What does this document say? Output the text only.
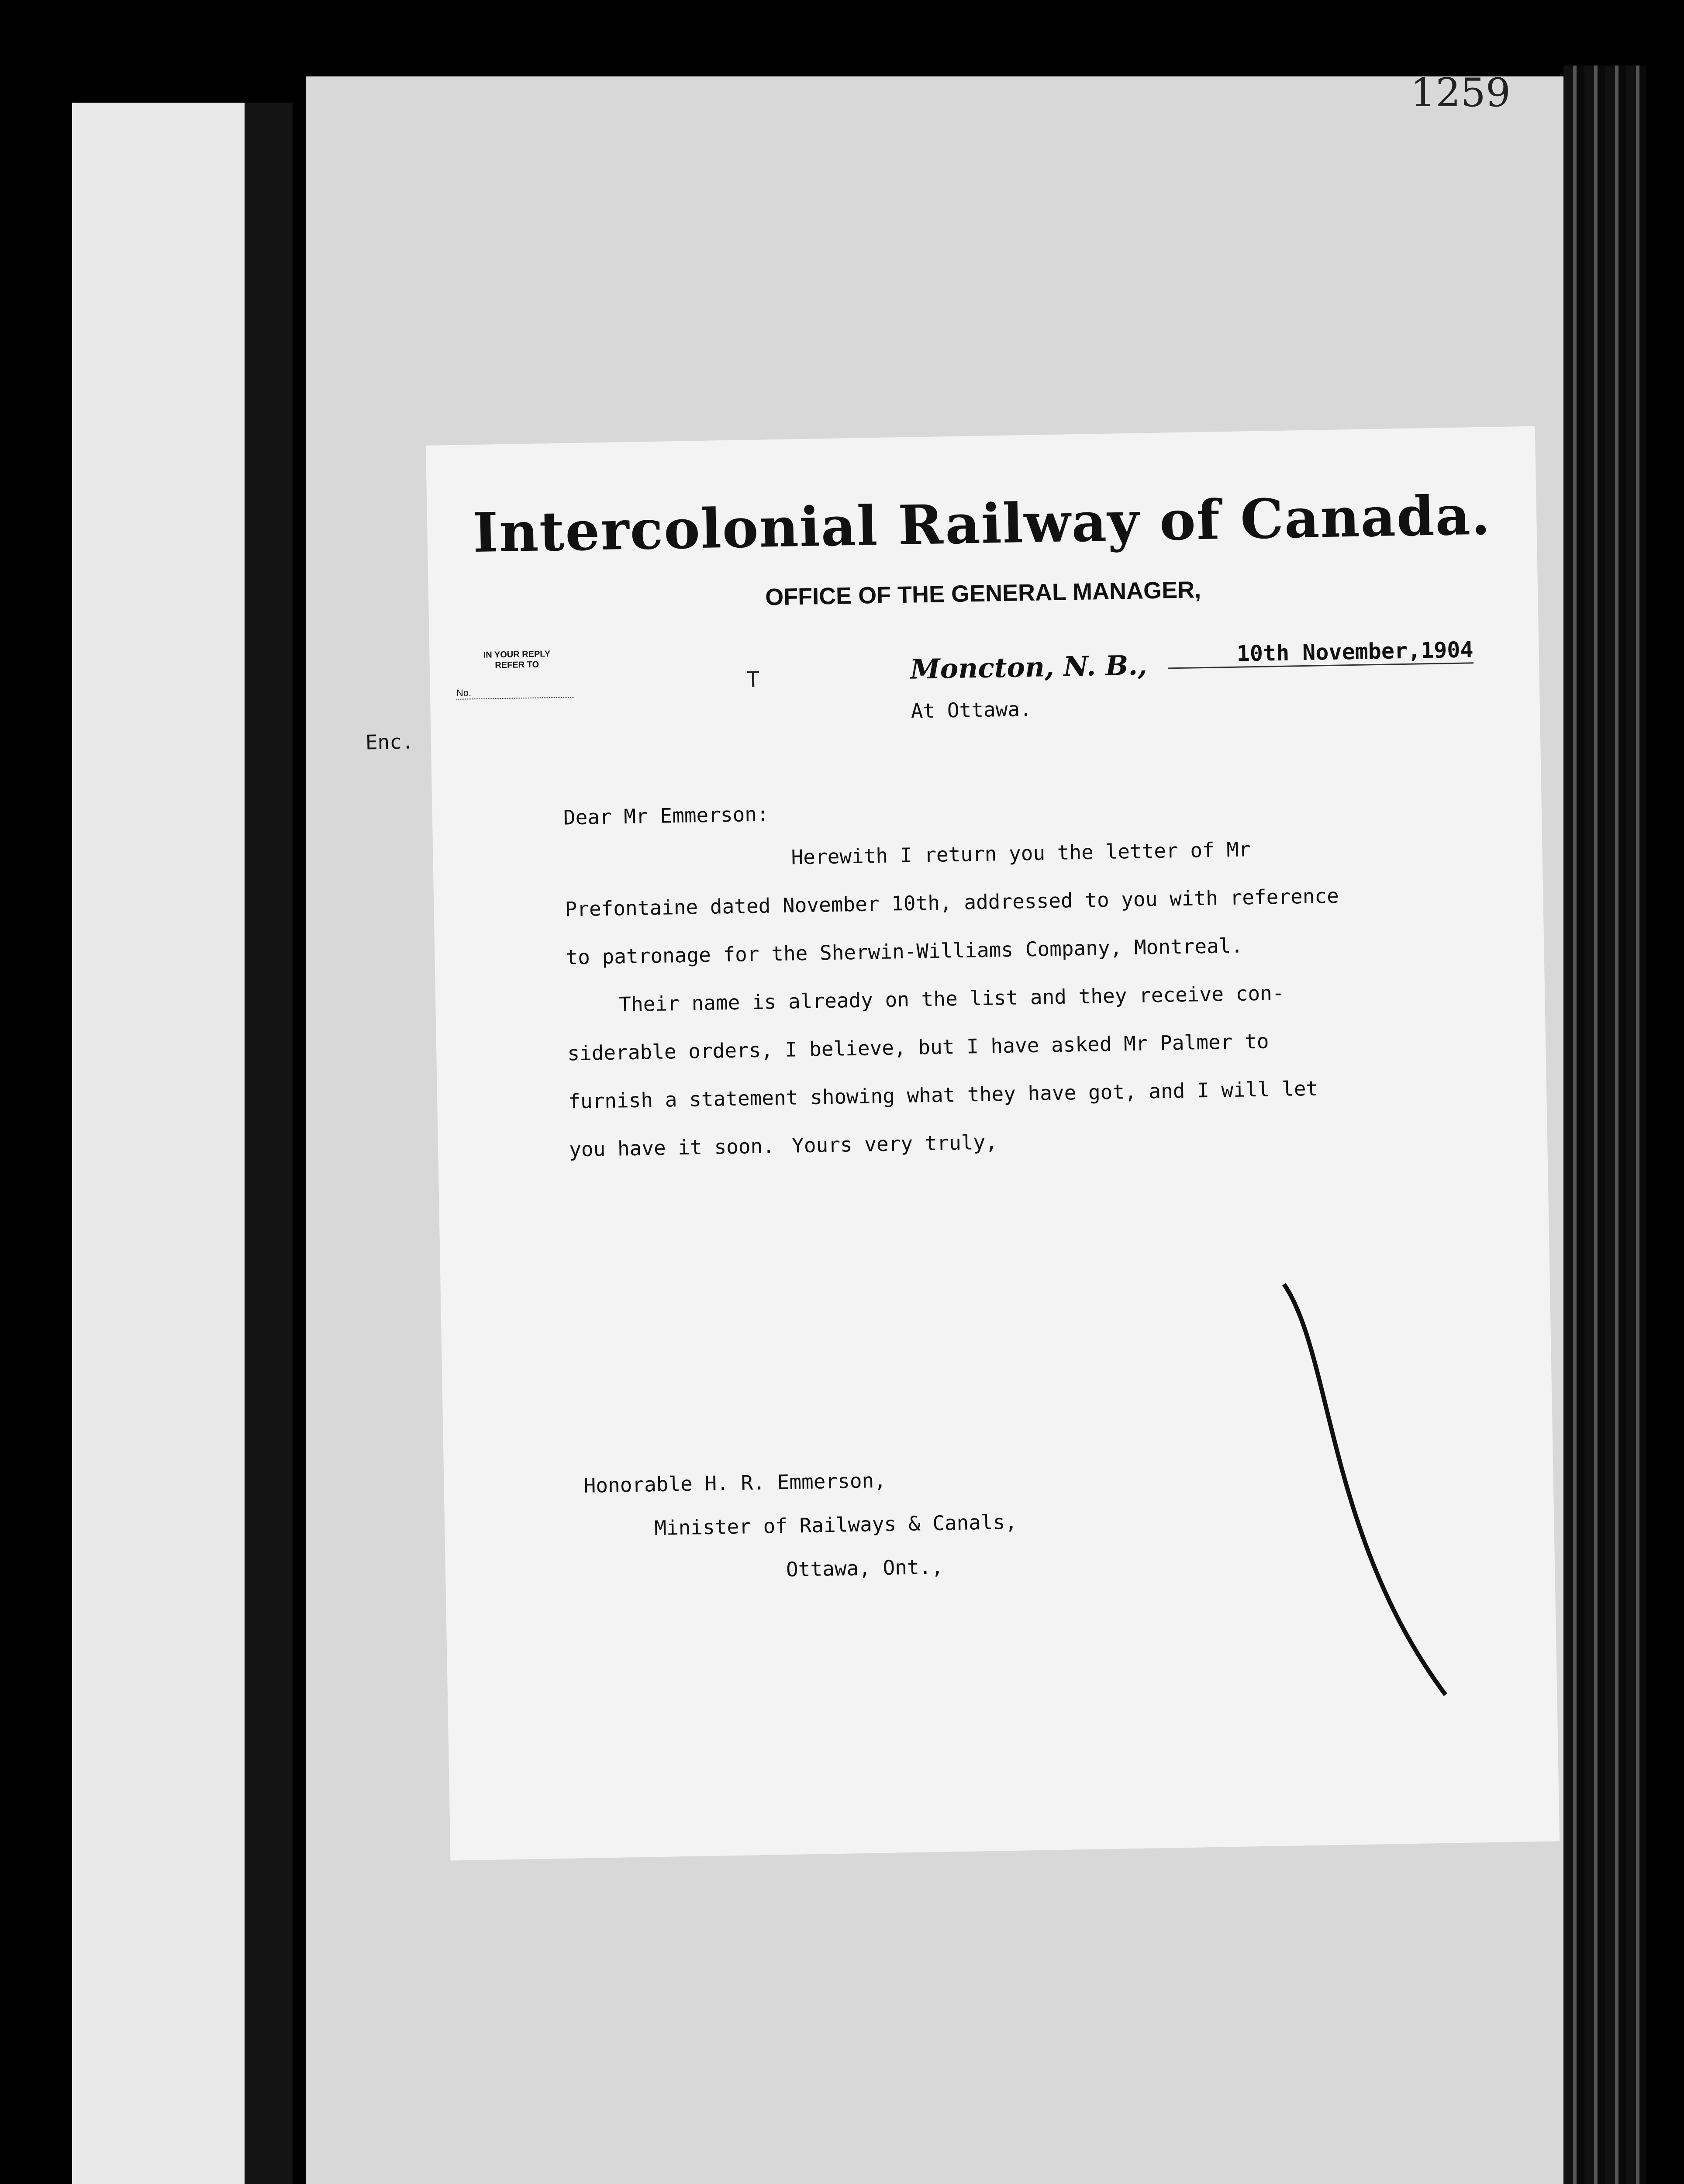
1259
Intercolonial Railway of Canada.
OFFICE OF THE GENERAL MANAGER,
IN YOUR REPLY
REFER TO
No.
T	Moncton, N. B.,	10th November,1904
At Ottawa.
Enc.
Dear Mr Emmerson:
Herewith I return you the letter of Mr
Prefontaine dated November 10th, addressed to you with reference
to patronage for the Sherwin-Williams Company, Montreal.
Their name is already on the list and they receive con-
siderable orders, I believe, but I have asked Mr Palmer to
furnish a statement showing what they have got, and I will let
you have it soon. Yours very truly,
Honorable H. R. Emmerson,
Minister of Railways & Canals,
Ottawa, Ont.,
